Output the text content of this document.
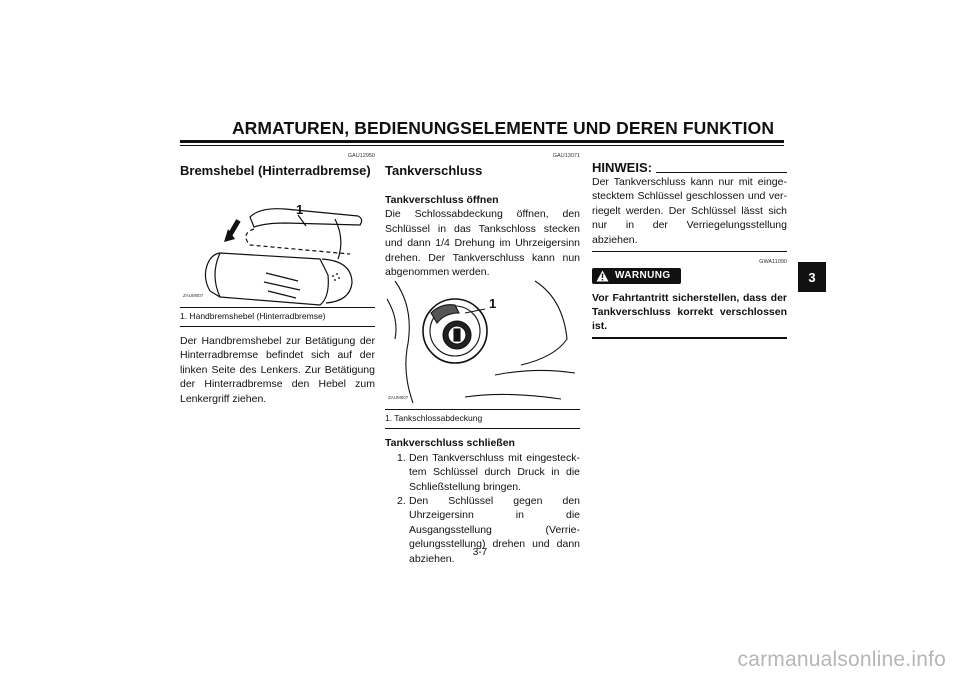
ARMATUREN, BEDIENUNGSELEMENTE UND DEREN FUNKTION
3
GAU12950
Bremshebel (Hinterradbremse)
1
ZAUM007
1. Handbremshebel (Hinterradbremse)

Der Handbremshebel zur Betätigung der Hinterradbremse befindet sich auf der linken Seite des Lenkers. Zur Betätigung der Hinterradbremse den Hebel zum Lenkergriff ziehen.

GAU13071
Tankverschluss
Tankverschluss öffnen

Die Schlossabdeckung öffnen, den Schlüssel in das Tankschloss stecken und dann 1/4 Drehung im Uhrzeigersinn drehen. Der Tankverschluss kann nun abgenommen werden.

1
ZAUM007
1. Tankschlossabdeckung
Tankverschluss schließen
1. Den Tankverschluss mit eingestecktem Schlüssel durch Druck in die Schließstellung bringen.
2. Den Schlüssel gegen den Uhrzeigersinn in die Ausgangsstellung (Verriegelungsstellung) drehen und dann abziehen.
HINWEIS:

Der Tankverschluss kann nur mit eingestecktem Schlüssel geschlossen und verriegelt werden. Der Schlüssel lässt sich nur in der Verriegelungsstellung abziehen.

GWA11090
WARNUNG

Vor Fahrtantritt sicherstellen, dass der Tankverschluss korrekt verschlossen ist.

3-7
carmanualsonline.info
